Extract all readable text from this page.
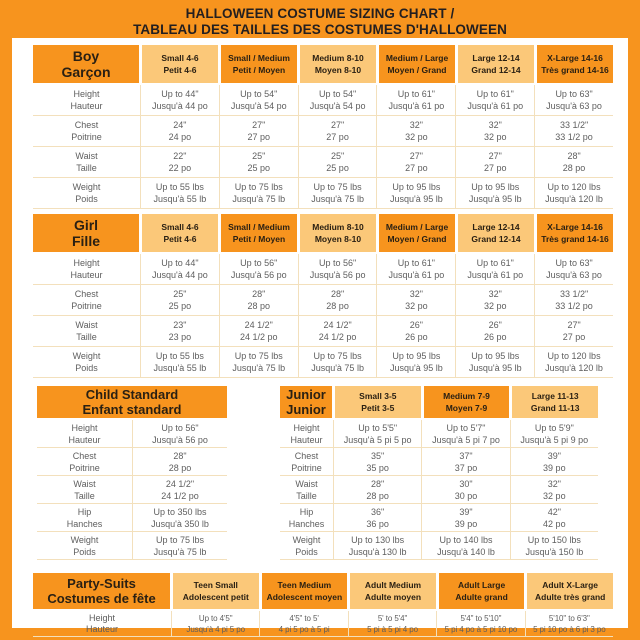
HALLOWEEN COSTUME SIZING CHART /
TABLEAU DES TAILLES DES COSTUMES D'HALLOWEEN
Boy
Garçon
Small 4-6
Petit 4-6
Small / Medium
Petit / Moyen
Medium 8-10
Moyen 8-10
Medium / Large
Moyen / Grand
Large 12-14
Grand 12-14
X-Large 14-16
Très grand 14-16
Height
Hauteur
Up to 44"
Jusqu'à 44 po
Up to 54"
Jusqu'à 54 po
Up to 54"
Jusqu'à 54 po
Up to 61"
Jusqu'à 61 po
Up to 61"
Jusqu'à 61 po
Up to 63"
Jusqu'à 63 po
Chest
Poitrine
24"
24 po
27"
27 po
27"
27 po
32"
32 po
32"
32 po
33 1/2"
33 1/2 po
Waist
Taille
22"
22 po
25"
25 po
25"
25 po
27"
27 po
27"
27 po
28"
28 po
Weight
Poids
Up to 55 lbs
Jusqu'à 55 lb
Up to 75 lbs
Jusqu'à 75 lb
Up to 75 lbs
Jusqu'à 75 lb
Up to 95 lbs
Jusqu'à 95 lb
Up to 95 lbs
Jusqu'à 95 lb
Up to 120 lbs
Jusqu'à 120 lb
Girl
Fille
Small 4-6
Petit 4-6
Small / Medium
Petit / Moyen
Medium 8-10
Moyen 8-10
Medium / Large
Moyen / Grand
Large 12-14
Grand 12-14
X-Large 14-16
Très grand 14-16
Height
Hauteur
Up to 44"
Jusqu'à 44 po
Up to 56"
Jusqu'à 56 po
Up to 56"
Jusqu'à 56 po
Up to 61"
Jusqu'à 61 po
Up to 61"
Jusqu'à 61 po
Up to 63"
Jusqu'à 63 po
Chest
Poitrine
25"
25 po
28"
28 po
28"
28 po
32"
32 po
32"
32 po
33 1/2"
33 1/2 po
Waist
Taille
23"
23 po
24 1/2"
24 1/2 po
24 1/2"
24 1/2 po
26"
26 po
26"
26 po
27"
27 po
Weight
Poids
Up to 55 lbs
Jusqu'à 55 lb
Up to 75 lbs
Jusqu'à 75 lb
Up to 75 lbs
Jusqu'à 75 lb
Up to 95 lbs
Jusqu'à 95 lb
Up to 95 lbs
Jusqu'à 95 lb
Up to 120 lbs
Jusqu'à 120 lb
Child Standard
Enfant standard
Height
Hauteur
Up to 56"
Jusqu'à 56 po
Chest
Poitrine
28"
28 po
Waist
Taille
24 1/2"
24 1/2 po
Hip
Hanches
Up to 350 lbs
Jusqu'à 350 lb
Weight
Poids
Up to 75 lbs
Jusqu'à 75 lb
Junior
Junior
Small 3-5
Petit 3-5
Medium 7-9
Moyen 7-9
Large 11-13
Grand 11-13
Height
Hauteur
Up to 5'5"
Jusqu'à 5 pi 5 po
Up to 5'7"
Jusqu'à 5 pi 7 po
Up to 5'9"
Jusqu'à 5 pi 9 po
Chest
Poitrine
35"
35 po
37"
37 po
39"
39 po
Waist
Taille
28"
28 po
30"
30 po
32"
32 po
Hip
Hanches
36"
36 po
39"
39 po
42"
42 po
Weight
Poids
Up to 130 lbs
Jusqu'à 130 lb
Up to 140 lbs
Jusqu'à 140 lb
Up to 150 lbs
Jusqu'à 150 lb
Party-Suits
Costumes de fête
Teen Small
Adolescent petit
Teen Medium
Adolescent moyen
Adult Medium
Adulte moyen
Adult Large
Adulte grand
Adult X-Large
Adulte très grand
Height
Hauteur
Up to 4'5"
Jusqu'à 4 pi 5 po
4'5" to 5'
4 pi 5 po à 5 pi
5' to 5'4"
5 pi à 5 pi 4 po
5'4" to 5'10"
5 pi 4 po à 5 pi 10 po
5'10" to 6'3"
5 pi 10 po à 6 pi 3 po
